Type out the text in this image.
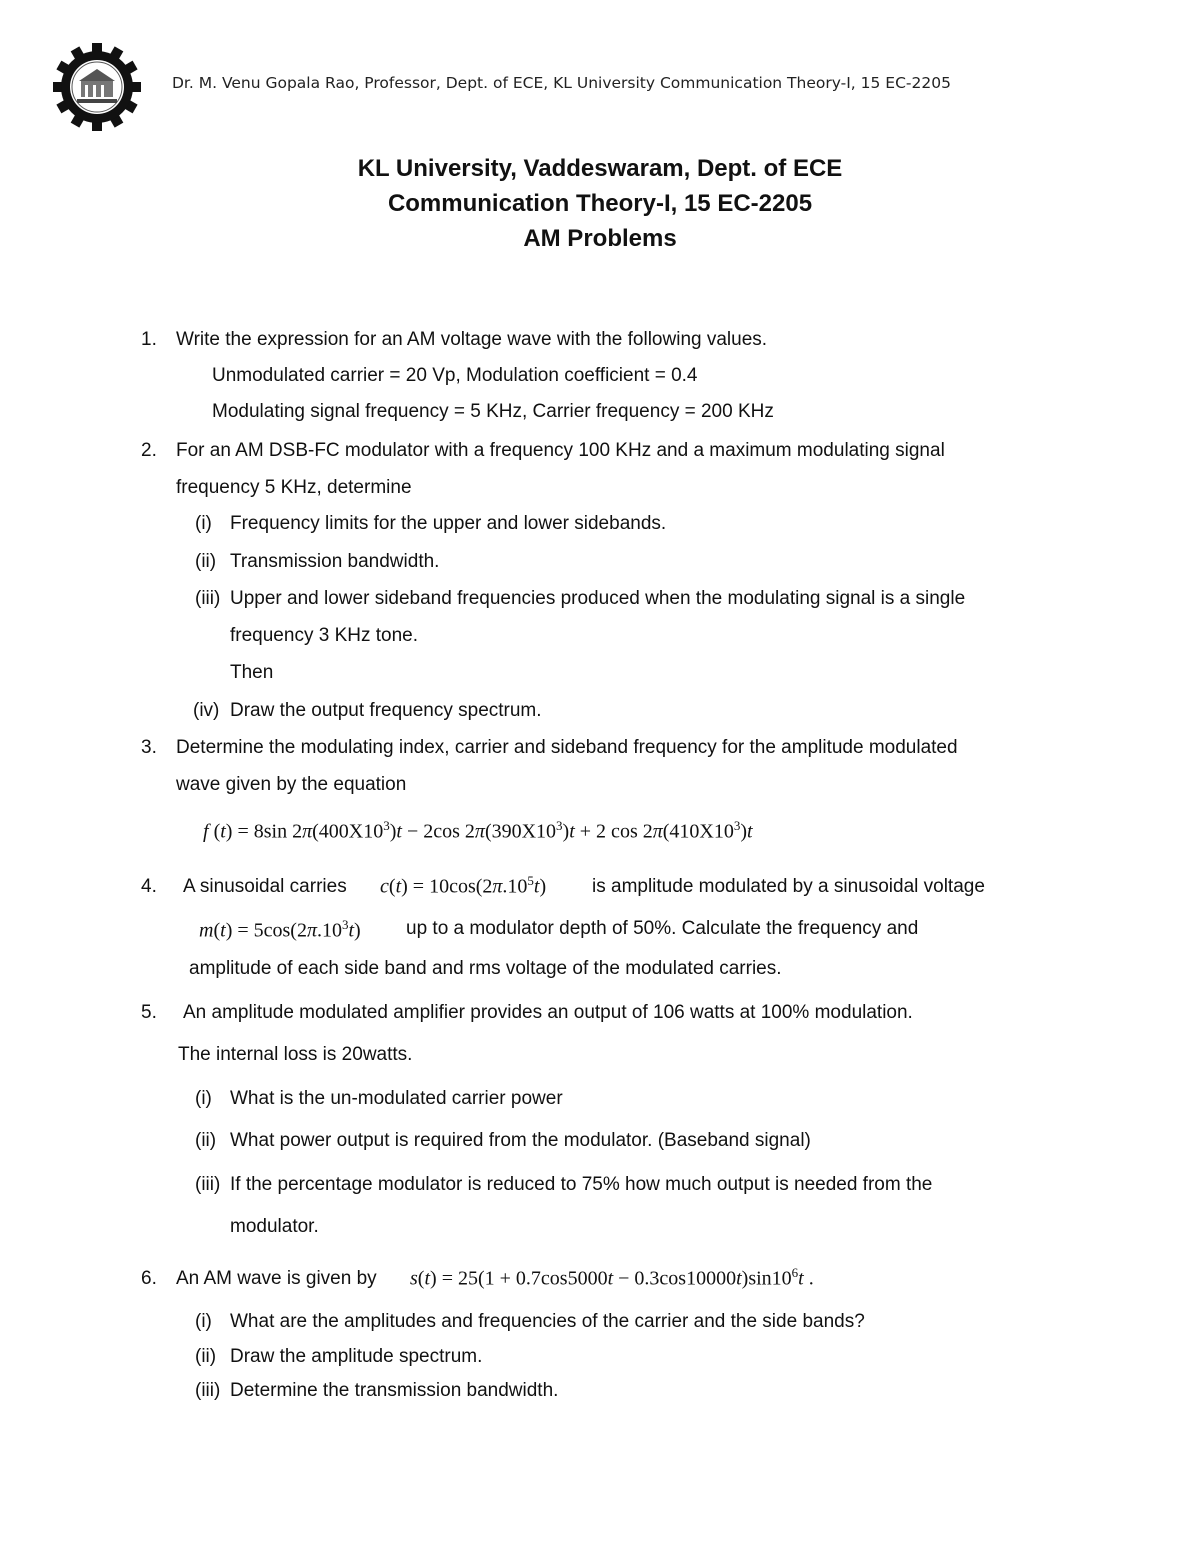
Dr. M. Venu Gopala Rao, Professor, Dept. of ECE, KL University Communication Theory-I, 15 EC-2205
KL University, Vaddeswaram, Dept. of ECE
Communication Theory-I, 15 EC-2205
AM Problems
1. Write the expression for an AM voltage wave with the following values.
Unmodulated carrier = 20 Vp, Modulation coefficient = 0.4
Modulating signal frequency = 5 KHz, Carrier frequency = 200 KHz
2. For an AM DSB-FC modulator with a frequency 100 KHz and a maximum modulating signal
frequency 5 KHz, determine
(i) Frequency limits for the upper and lower sidebands.
(ii) Transmission bandwidth.
(iii) Upper and lower sideband frequencies produced when the modulating signal is a single
frequency 3 KHz tone.
Then
(iv) Draw the output frequency spectrum.
3. Determine the modulating index, carrier and sideband frequency for the amplitude modulated
wave given by the equation
f (t) = 8sin $2\pi(400X10^3)t - 2\cos$ $2\pi(390X10^3)t + 2$ $\cos 2\pi(410X10^3)t$
4. A sinusoidal carries $c(t) = 10\cos(2\pi.10^5t)$ is amplitude modulated by a sinusoidal voltage
$m(t) = 5\cos(2\pi.10^3t)$ up to a modulator depth of 50%. Calculate the frequency and
amplitude of each side band and rms voltage of the modulated carries.
5. An amplitude modulated amplifier provides an output of 106 watts at 100% modulation.
The internal loss is 20watts.
(i) What is the un-modulated carrier power
(ii) What power output is required from the modulator. (Baseband signal)
(iii) If the percentage modulator is reduced to 75% how much output is needed from the
modulator.
6. An AM wave is given by $s(t) = 25(1 + 0.7\cos 5000t - 0.3\cos 10000t)\sin 10^6t$ .
(i) What are the amplitudes and frequencies of the carrier and the side bands?
(ii) Draw the amplitude spectrum.
(iii) Determine the transmission bandwidth.
